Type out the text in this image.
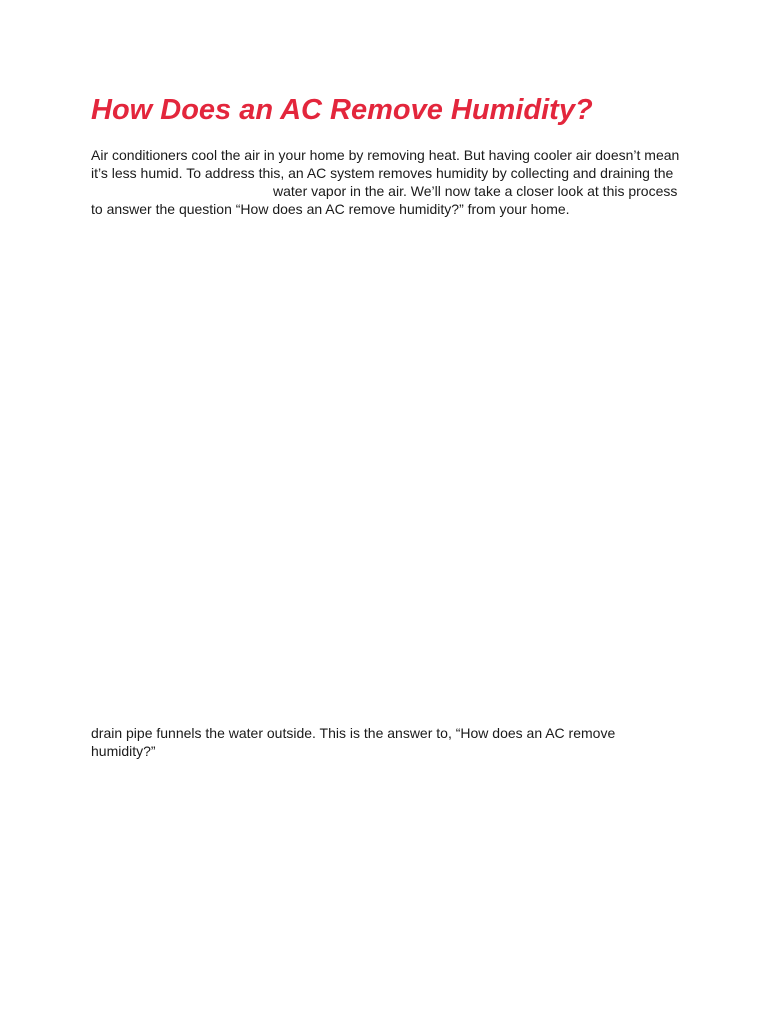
How Does an AC Remove Humidity?
Air conditioners cool the air in your home by removing heat. But having cooler air doesn’t mean
it’s less humid. To address this, an AC system removes humidity by collecting and draining the
water vapor in the air. We’ll now take a closer look at this process
to answer the question “How does an AC remove humidity?” from your home.
drain pipe funnels the water outside. This is the answer to, “How does an AC remove
humidity?”
